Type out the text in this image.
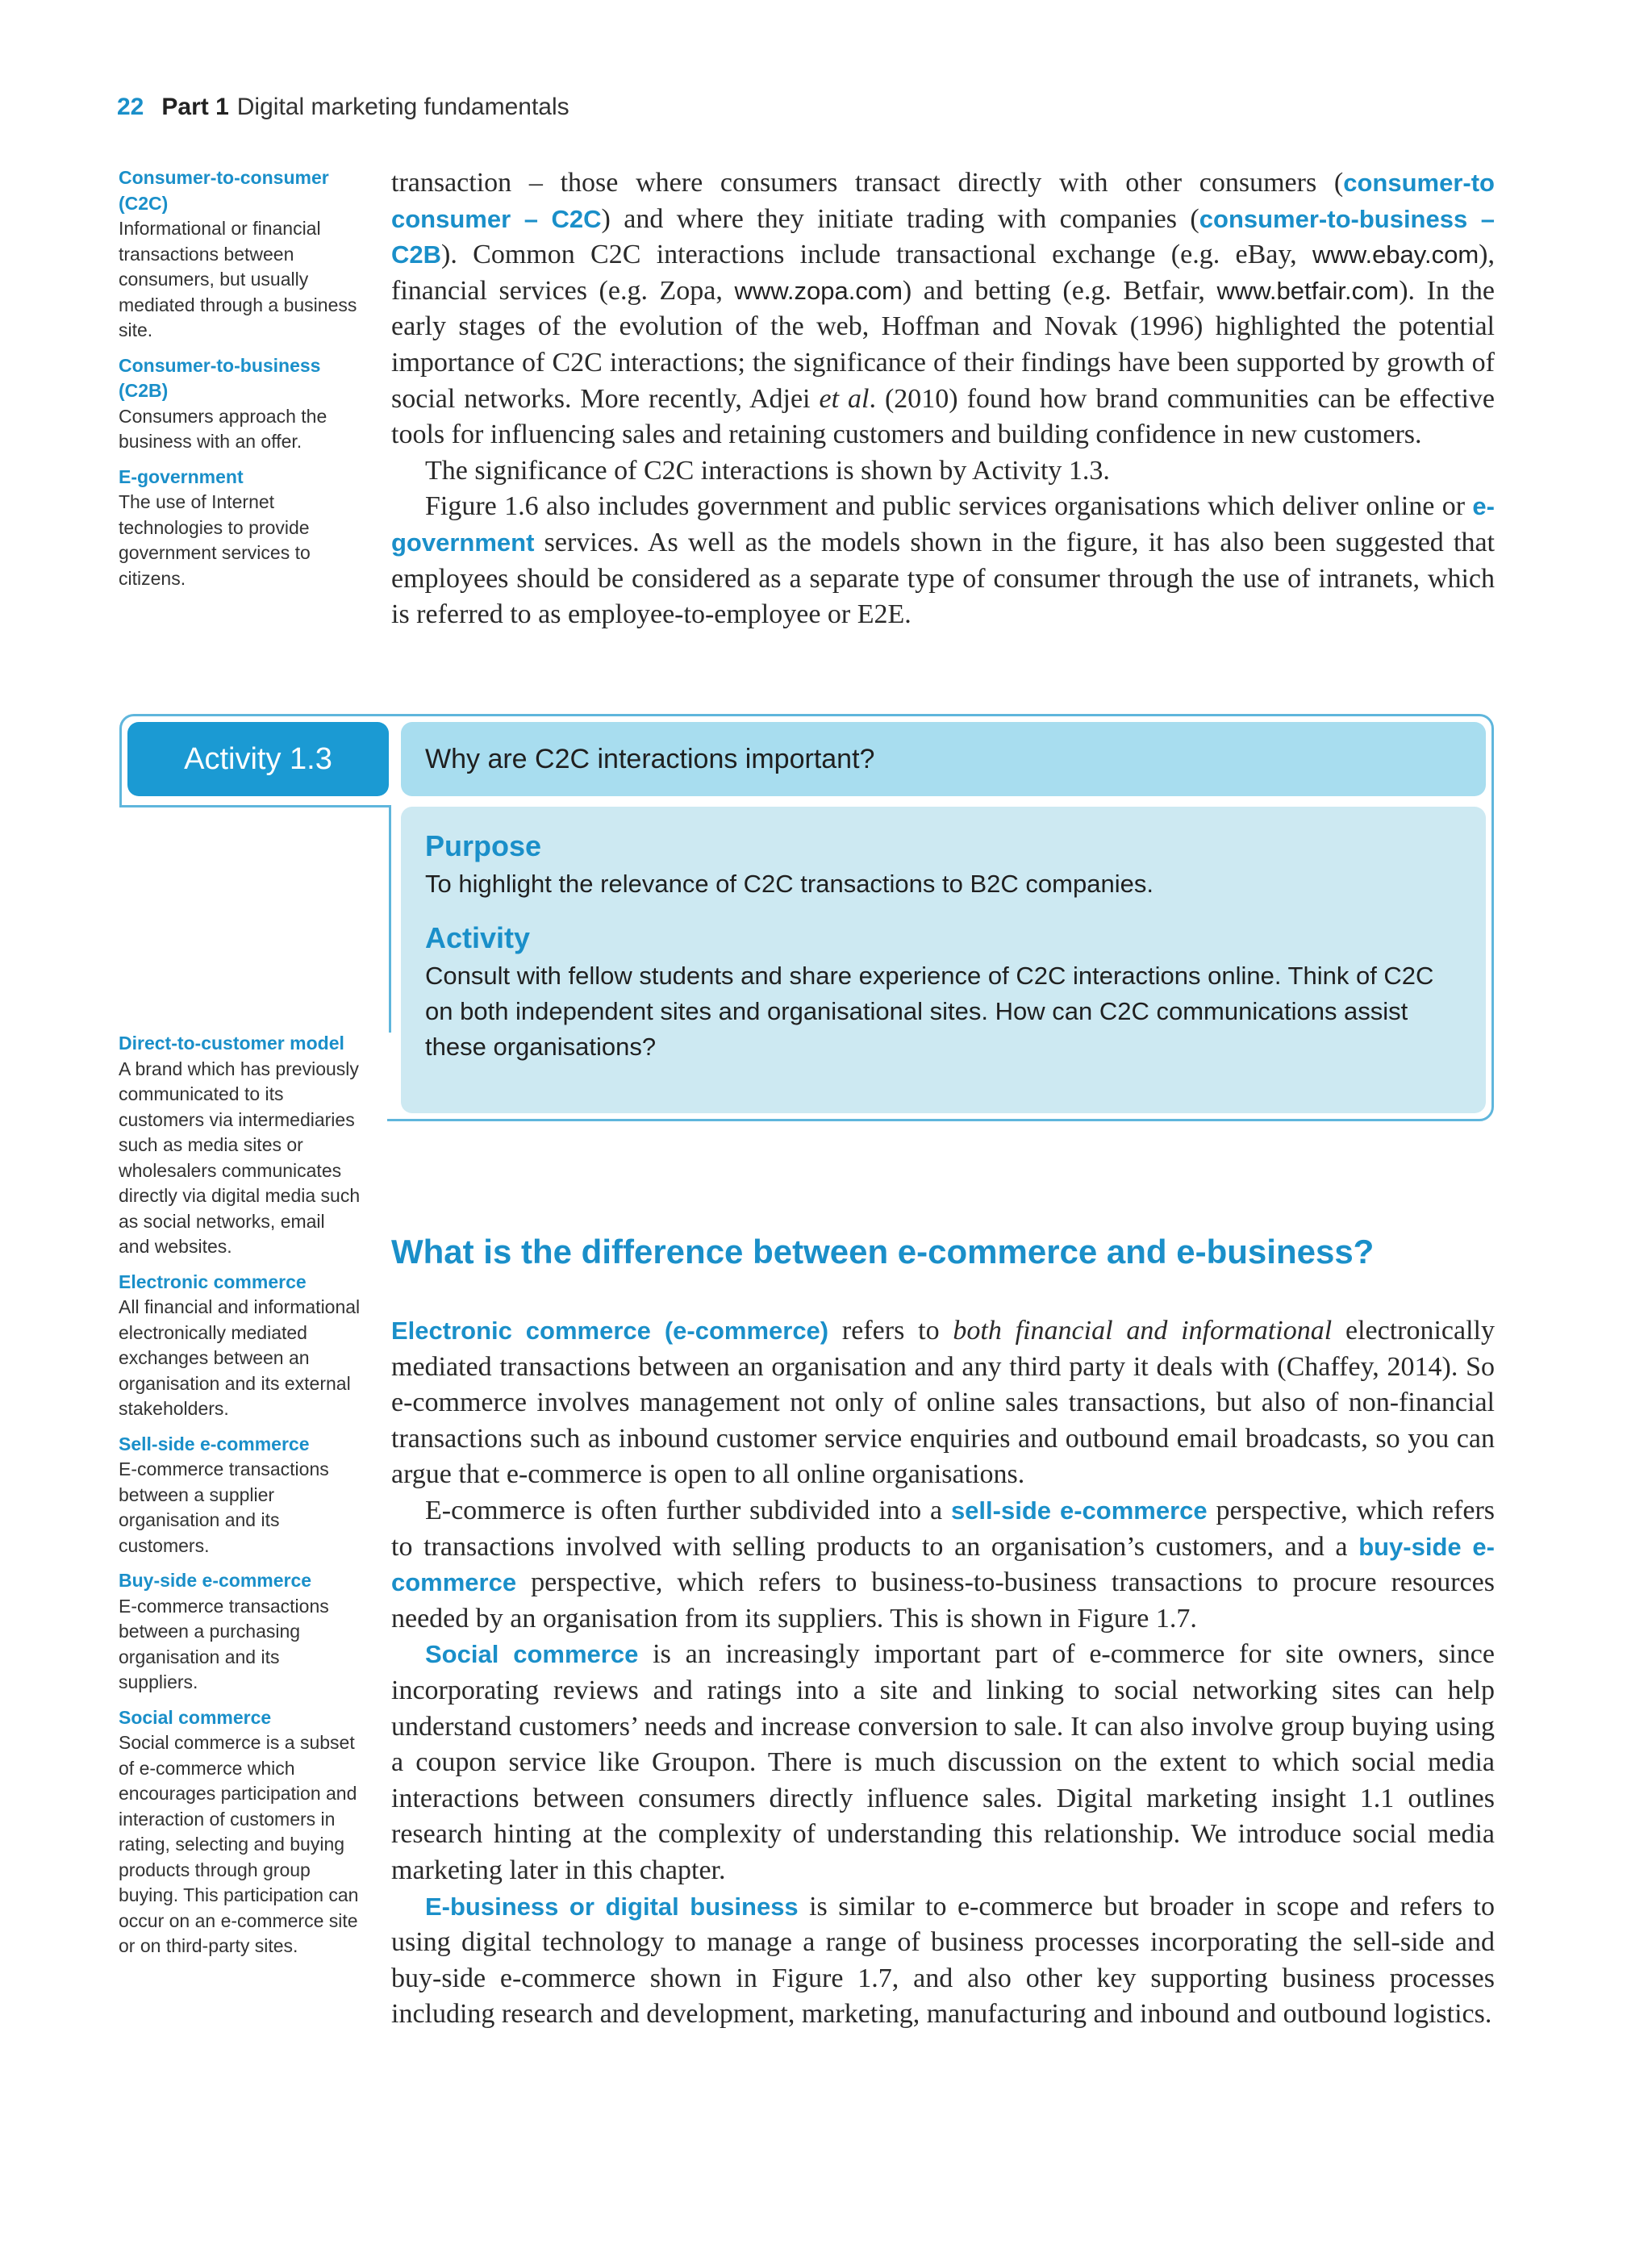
22 Part 1 Digital marketing fundamentals
Consumer-to-consumer (C2C)

Informational or financial transactions between consumers, but usually mediated through a business site.

Consumer-to-business (C2B)

Consumers approach the business with an offer.

E-government

The use of Internet technologies to provide government services to citizens.

transaction – those where consumers transact directly with other consumers (consumer-to consumer – C2C) and where they initiate trading with companies (consumer-to-business – C2B). Common C2C interactions include transactional exchange (e.g. eBay, www.ebay.com), financial services (e.g. Zopa, www.zopa.com) and betting (e.g. Betfair, www.betfair.com). In the early stages of the evolution of the web, Hoffman and Novak (1996) highlighted the potential importance of C2C interactions; the significance of their findings have been supported by growth of social networks. More recently, Adjei et al. (2010) found how brand communities can be effective tools for influencing sales and retaining customers and building confidence in new customers.

The significance of C2C interactions is shown by Activity 1.3.

Figure 1.6 also includes government and public services organisations which deliver online or e-government services. As well as the models shown in the figure, it has also been suggested that employees should be considered as a separate type of consumer through the use of intranets, which is referred to as employee-to-employee or E2E.

Activity 1.3	Why are C2C interactions important?
Purpose

To highlight the relevance of C2C transactions to B2C companies.

Activity

Consult with fellow students and share experience of C2C interactions online. Think of C2C on both independent sites and organisational sites. How can C2C communications assist these organisations?

Direct-to-customer model

A brand which has previously communicated to its customers via intermediaries such as media sites or wholesalers communicates directly via digital media such as social networks, email and websites.

Electronic commerce

All financial and informational electronically mediated exchanges between an organisation and its external stakeholders.

Sell-side e-commerce

E-commerce transactions between a supplier organisation and its customers.

Buy-side e-commerce

E-commerce transactions between a purchasing organisation and its suppliers.

Social commerce

Social commerce is a subset of e-commerce which encourages participation and interaction of customers in rating, selecting and buying products through group buying. This participation can occur on an e-commerce site or on third-party sites.

What is the difference between e-commerce and e-business?

Electronic commerce (e-commerce) refers to both financial and informational electronically mediated transactions between an organisation and any third party it deals with (Chaffey, 2014). So e-commerce involves management not only of online sales transactions, but also of non-financial transactions such as inbound customer service enquiries and outbound email broadcasts, so you can argue that e-commerce is open to all online organisations.

E-commerce is often further subdivided into a sell-side e-commerce perspective, which refers to transactions involved with selling products to an organisation’s customers, and a buy-side e-commerce perspective, which refers to business-to-business transactions to procure resources needed by an organisation from its suppliers. This is shown in Figure 1.7.

Social commerce is an increasingly important part of e-commerce for site owners, since incorporating reviews and ratings into a site and linking to social networking sites can help understand customers’ needs and increase conversion to sale. It can also involve group buying using a coupon service like Groupon. There is much discussion on the extent to which social media interactions between consumers directly influence sales. Digital marketing insight 1.1 outlines research hinting at the complexity of understanding this relationship. We introduce social media marketing later in this chapter.

E-business or digital business is similar to e-commerce but broader in scope and refers to using digital technology to manage a range of business processes incorporating the sell-side and buy-side e-commerce shown in Figure 1.7, and also other key supporting business processes including research and development, marketing, manufacturing and inbound and outbound logistics.
